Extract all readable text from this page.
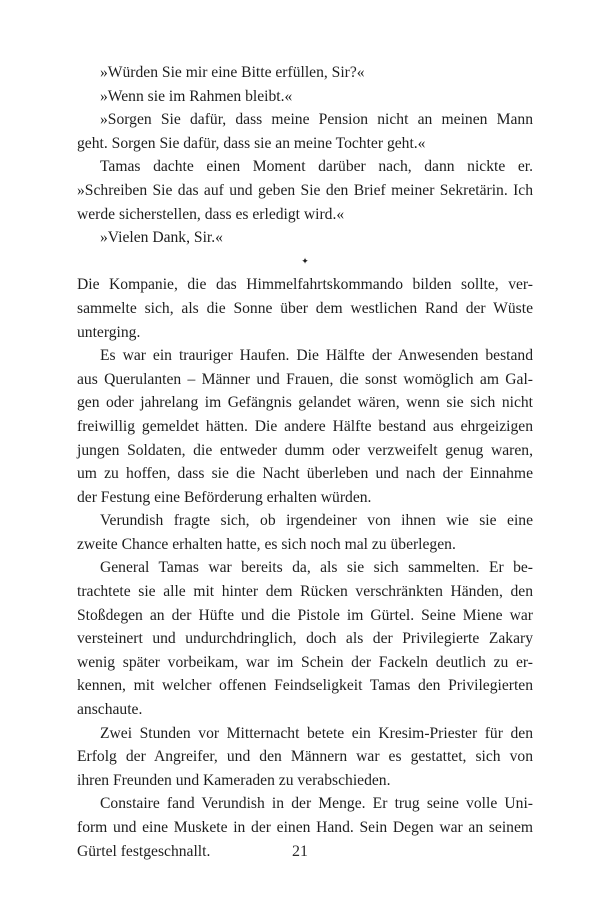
»Würden Sie mir eine Bitte erfüllen, Sir?«
»Wenn sie im Rahmen bleibt.«
»Sorgen Sie dafür, dass meine Pension nicht an meinen Mann
geht. Sorgen Sie dafür, dass sie an meine Tochter geht.«
Tamas dachte einen Moment darüber nach, dann nickte er.
»Schreiben Sie das auf und geben Sie den Brief meiner Sekretärin. Ich
werde sicherstellen, dass es erledigt wird.«
»Vielen Dank, Sir.«
✦
Die Kompanie, die das Himmelfahrtskommando bilden sollte, ver-
sammelte sich, als die Sonne über dem westlichen Rand der Wüste
unterging.
Es war ein trauriger Haufen. Die Hälfte der Anwesenden bestand
aus Querulanten – Männer und Frauen, die sonst womöglich am Gal-
gen oder jahrelang im Gefängnis gelandet wären, wenn sie sich nicht
freiwillig gemeldet hätten. Die andere Hälfte bestand aus ehrgeizigen
jungen Soldaten, die entweder dumm oder verzweifelt genug waren,
um zu hoffen, dass sie die Nacht überleben und nach der Einnahme
der Festung eine Beförderung erhalten würden.
Verundish fragte sich, ob irgendeiner von ihnen wie sie eine
zweite Chance erhalten hatte, es sich noch mal zu überlegen.
General Tamas war bereits da, als sie sich sammelten. Er be-
trachtete sie alle mit hinter dem Rücken verschränkten Händen, den
Stoßdegen an der Hüfte und die Pistole im Gürtel. Seine Miene war
versteinert und undurchdringlich, doch als der Privilegierte Zakary
wenig später vorbeikam, war im Schein der Fackeln deutlich zu er-
kennen, mit welcher offenen Feindseligkeit Tamas den Privilegierten
anschaute.
Zwei Stunden vor Mitternacht betete ein Kresim-Priester für den
Erfolg der Angreifer, und den Männern war es gestattet, sich von
ihren Freunden und Kameraden zu verabschieden.
Constaire fand Verundish in der Menge. Er trug seine volle Uni-
form und eine Muskete in der einen Hand. Sein Degen war an seinem
Gürtel festgeschnallt.	21
